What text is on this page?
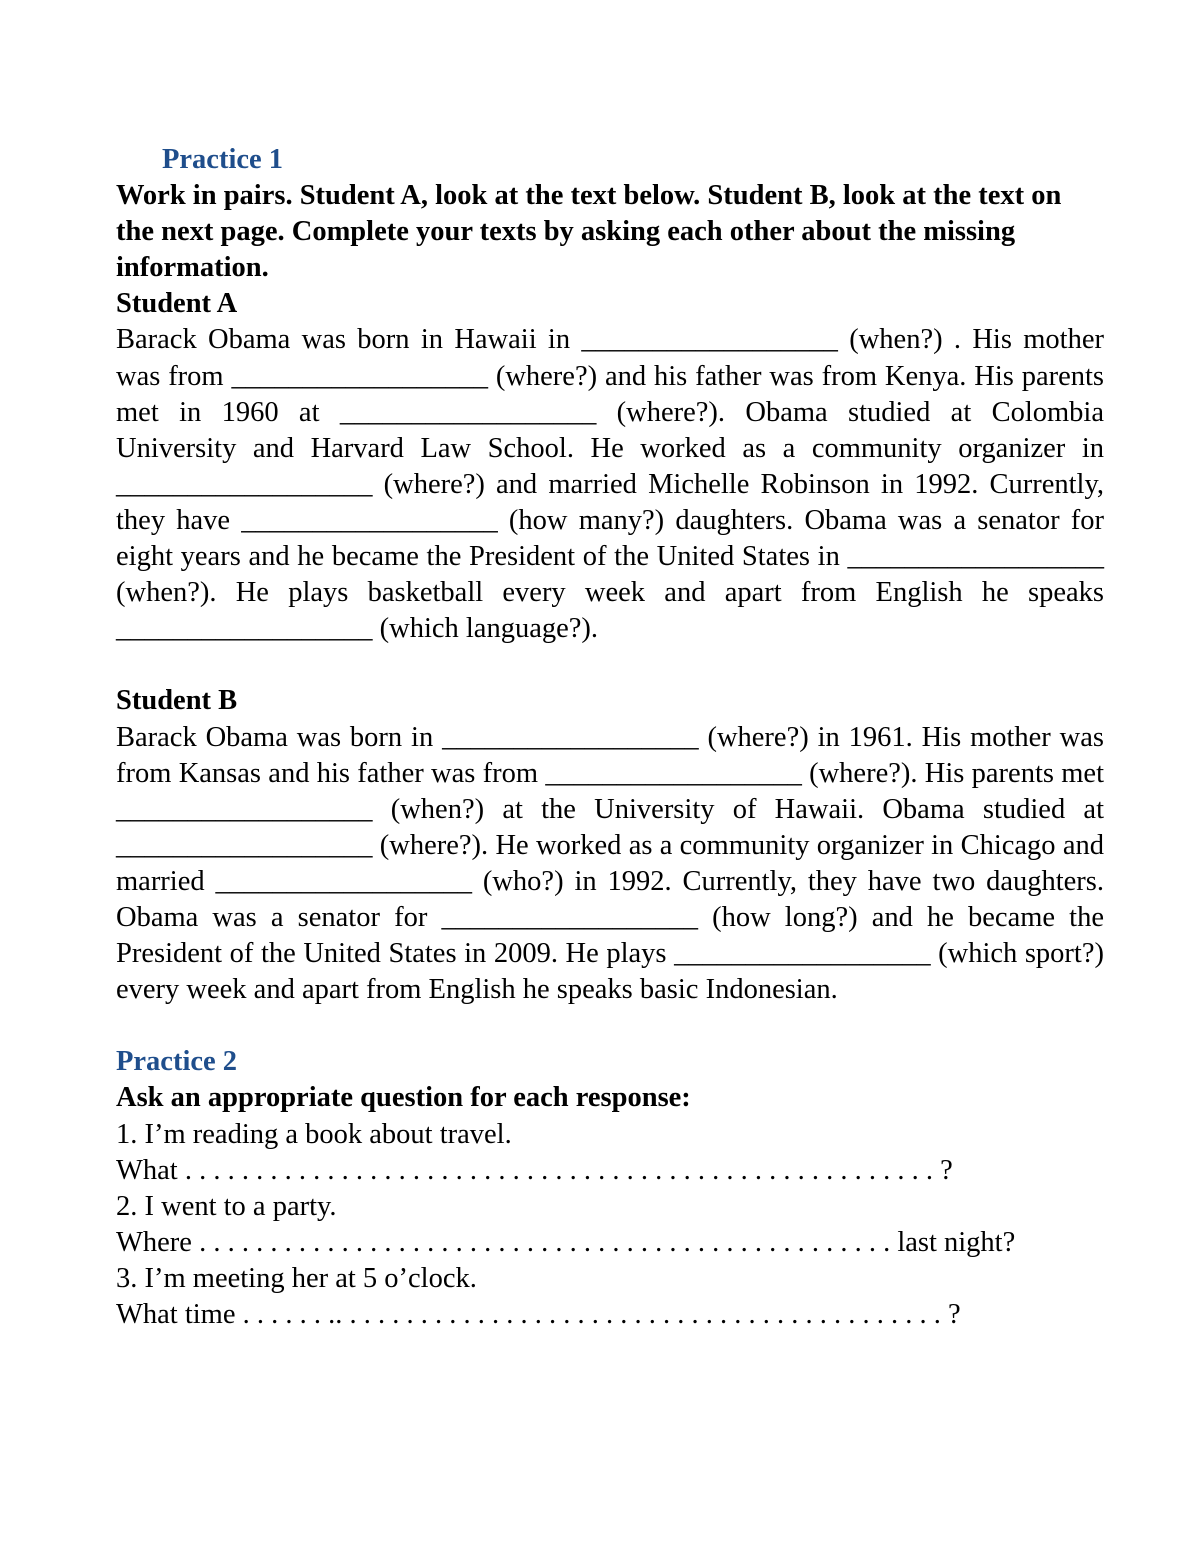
Practice 1
Work in pairs. Student A, look at the text below. Student B, look at the text on the next page. Complete your texts by asking each other about the missing information.
Student A
Barack Obama was born in Hawaii in __________________ (when?) . His mother was from __________________ (where?) and his father was from Kenya. His parents met in 1960 at __________________ (where?). Obama studied at Colombia University and Harvard Law School. He worked as a community organizer in __________________ (where?) and married Michelle Robinson in 1992. Currently, they have __________________ (how many?) daughters. Obama was a senator for eight years and he became the President of the United States in __________________ (when?). He plays basketball every week and apart from English he speaks __________________ (which language?).
Student B
Barack Obama was born in __________________ (where?) in 1961. His mother was from Kansas and his father was from __________________ (where?). His parents met __________________ (when?) at the University of Hawaii. Obama studied at __________________ (where?). He worked as a community organizer in Chicago and married __________________ (who?) in 1992. Currently, they have two daughters. Obama was a senator for __________________ (how long?) and he became the President of the United States in 2009. He plays __________________ (which sport?) every week and apart from English he speaks basic Indonesian.
Practice 2
Ask an appropriate question for each response:
1. I’m reading a book about travel.
What . . . . . . . . . . . . . . . . . . . . . . . . . . . . . . . . . . . . . . . . . . . . . . . . . . . . . ?
2. I went to a party.
Where . . . . . . . . . . . . . . . . . . . . . . . . . . . . . . . . . . . . . . . . . . . . . . . . . last night?
3. I’m meeting her at 5 o’clock.
What time . . . . . . .. . . . . . . . . . . . . . . . . . . . . . . . . . . . . . . . . . . . . . . . . . . ?
